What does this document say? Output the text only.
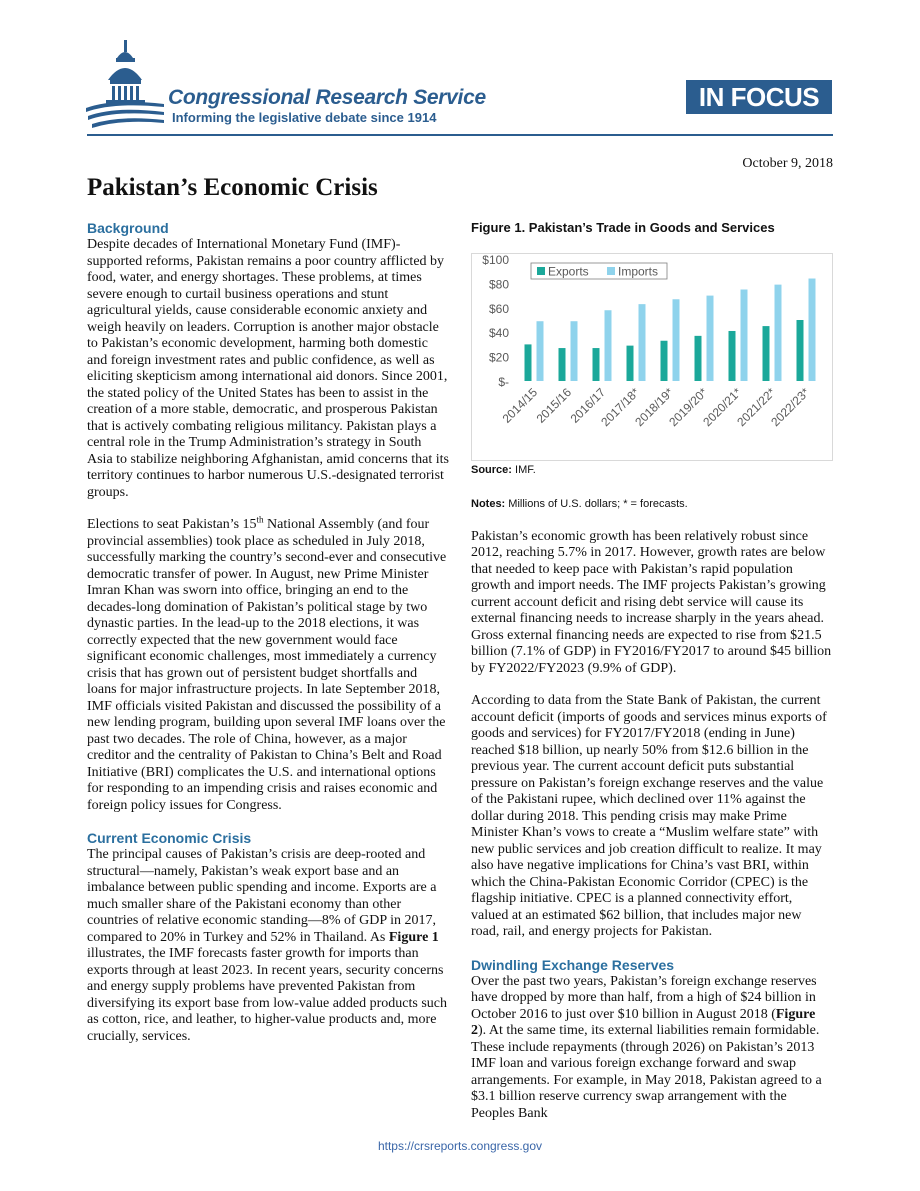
Congressional Research Service

Informing the legislative debate since 1914

IN FOCUS
October 9, 2018
Pakistan’s Economic Crisis
Background

Despite decades of International Monetary Fund (IMF)-supported reforms, Pakistan remains a poor country afflicted by food, water, and energy shortages. These problems, at times severe enough to curtail business operations and stunt agricultural yields, cause considerable economic anxiety and weigh heavily on leaders. Corruption is another major obstacle to Pakistan’s economic development, harming both domestic and foreign investment rates and public confidence, as well as eliciting skepticism among international aid donors. Since 2001, the stated policy of the United States has been to assist in the creation of a more stable, democratic, and prosperous Pakistan that is actively combating religious militancy. Pakistan plays a central role in the Trump Administration’s strategy in South Asia to stabilize neighboring Afghanistan, amid concerns that its territory continues to harbor numerous U.S.-designated terrorist groups.

Elections to seat Pakistan’s 15th National Assembly (and four provincial assemblies) took place as scheduled in July 2018, successfully marking the country’s second-ever and consecutive democratic transfer of power. In August, new Prime Minister Imran Khan was sworn into office, bringing an end to the decades-long domination of Pakistan’s political stage by two dynastic parties. In the lead-up to the 2018 elections, it was correctly expected that the new government would face significant economic challenges, most immediately a currency crisis that has grown out of persistent budget shortfalls and loans for major infrastructure projects. In late September 2018, IMF officials visited Pakistan and discussed the possibility of a new lending program, building upon several IMF loans over the past two decades. The role of China, however, as a major creditor and the centrality of Pakistan to China’s Belt and Road Initiative (BRI) complicates the U.S. and international options for responding to an impending crisis and raises economic and foreign policy issues for Congress.

Current Economic Crisis

The principal causes of Pakistan’s crisis are deep-rooted and structural—namely, Pakistan’s weak export base and an imbalance between public spending and income. Exports are a much smaller share of the Pakistani economy than other countries of relative economic standing—8% of GDP in 2017, compared to 20% in Turkey and 52% in Thailand. As Figure 1 illustrates, the IMF forecasts faster growth for imports than exports through at least 2023. In recent years, security concerns and energy supply problems have prevented Pakistan from diversifying its export base from low-value added products such as cotton, rice, and leather, to higher-value products and, more crucially, services.

Figure 1. Pakistan’s Trade in Goods and Services

$-
$20
$40
$60
$80
$100
2014/15
2015/16
2016/17
2017/18*
2018/19*
2019/20*
2020/21*
2021/22*
2022/23*
Exports Imports

Source: IMF.

Notes: Millions of U.S. dollars; * = forecasts.

Pakistan’s economic growth has been relatively robust since 2012, reaching 5.7% in 2017. However, growth rates are below that needed to keep pace with Pakistan’s rapid population growth and import needs. The IMF projects Pakistan’s growing current account deficit and rising debt service will cause its external financing needs to increase sharply in the years ahead. Gross external financing needs are expected to rise from $21.5 billion (7.1% of GDP) in FY2016/FY2017 to around $45 billion by FY2022/FY2023 (9.9% of GDP).

According to data from the State Bank of Pakistan, the current account deficit (imports of goods and services minus exports of goods and services) for FY2017/FY2018 (ending in June) reached $18 billion, up nearly 50% from $12.6 billion in the previous year. The current account deficit puts substantial pressure on Pakistan’s foreign exchange reserves and the value of the Pakistani rupee, which declined over 11% against the dollar during 2018. This pending crisis may make Prime Minister Khan’s vows to create a “Muslim welfare state” with new public services and job creation difficult to realize. It may also have negative implications for China’s vast BRI, within which the China-Pakistan Economic Corridor (CPEC) is the flagship initiative. CPEC is a planned connectivity effort, valued at an estimated $62 billion, that includes major new road, rail, and energy projects for Pakistan.

Dwindling Exchange Reserves

Over the past two years, Pakistan’s foreign exchange reserves have dropped by more than half, from a high of $24 billion in October 2016 to just over $10 billion in August 2018 (Figure 2). At the same time, its external liabilities remain formidable. These include repayments (through 2026) on Pakistan’s 2013 IMF loan and various foreign exchange forward and swap arrangements. For example, in May 2018, Pakistan agreed to a $3.1 billion reserve currency swap arrangement with the Peoples Bank

https://crsreports.congress.gov
